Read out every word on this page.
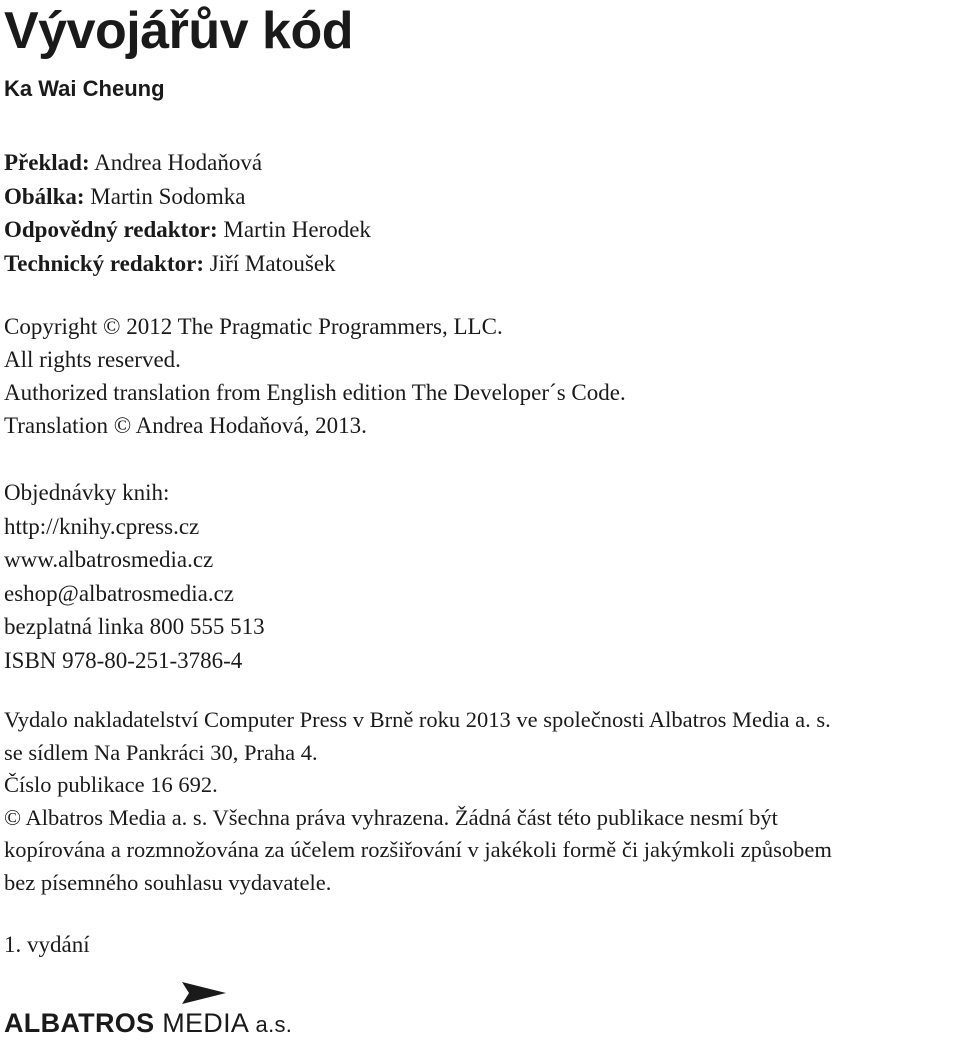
Vývojářův kód
Ka Wai Cheung
Překlad: Andrea Hodaňová
Obálka: Martin Sodomka
Odpovědný redaktor: Martin Herodek
Technický redaktor: Jiří Matoušek
Copyright © 2012 The Pragmatic Programmers, LLC.
All rights reserved.
Authorized translation from English edition The Developer´s Code.
Translation © Andrea Hodaňová, 2013.
Objednávky knih:
http://knihy.cpress.cz
www.albatrosmedia.cz
eshop@albatrosmedia.cz
bezplatná linka 800 555 513
ISBN 978-80-251-3786-4
Vydalo nakladatelství Computer Press v Brně roku 2013 ve společnosti Albatros Media a. s.
se sídlem Na Pankráci 30, Praha 4.
Číslo publikace 16 692.
© Albatros Media a. s. Všechna práva vyhrazena. Žádná část této publikace nesmí být
kopírována a rozmnožována za účelem rozšiřování v jakékoli formě či jakýmkoli způsobem
bez písemného souhlasu vydavatele.
1. vydání
ALBATROS MEDIA a.s.
